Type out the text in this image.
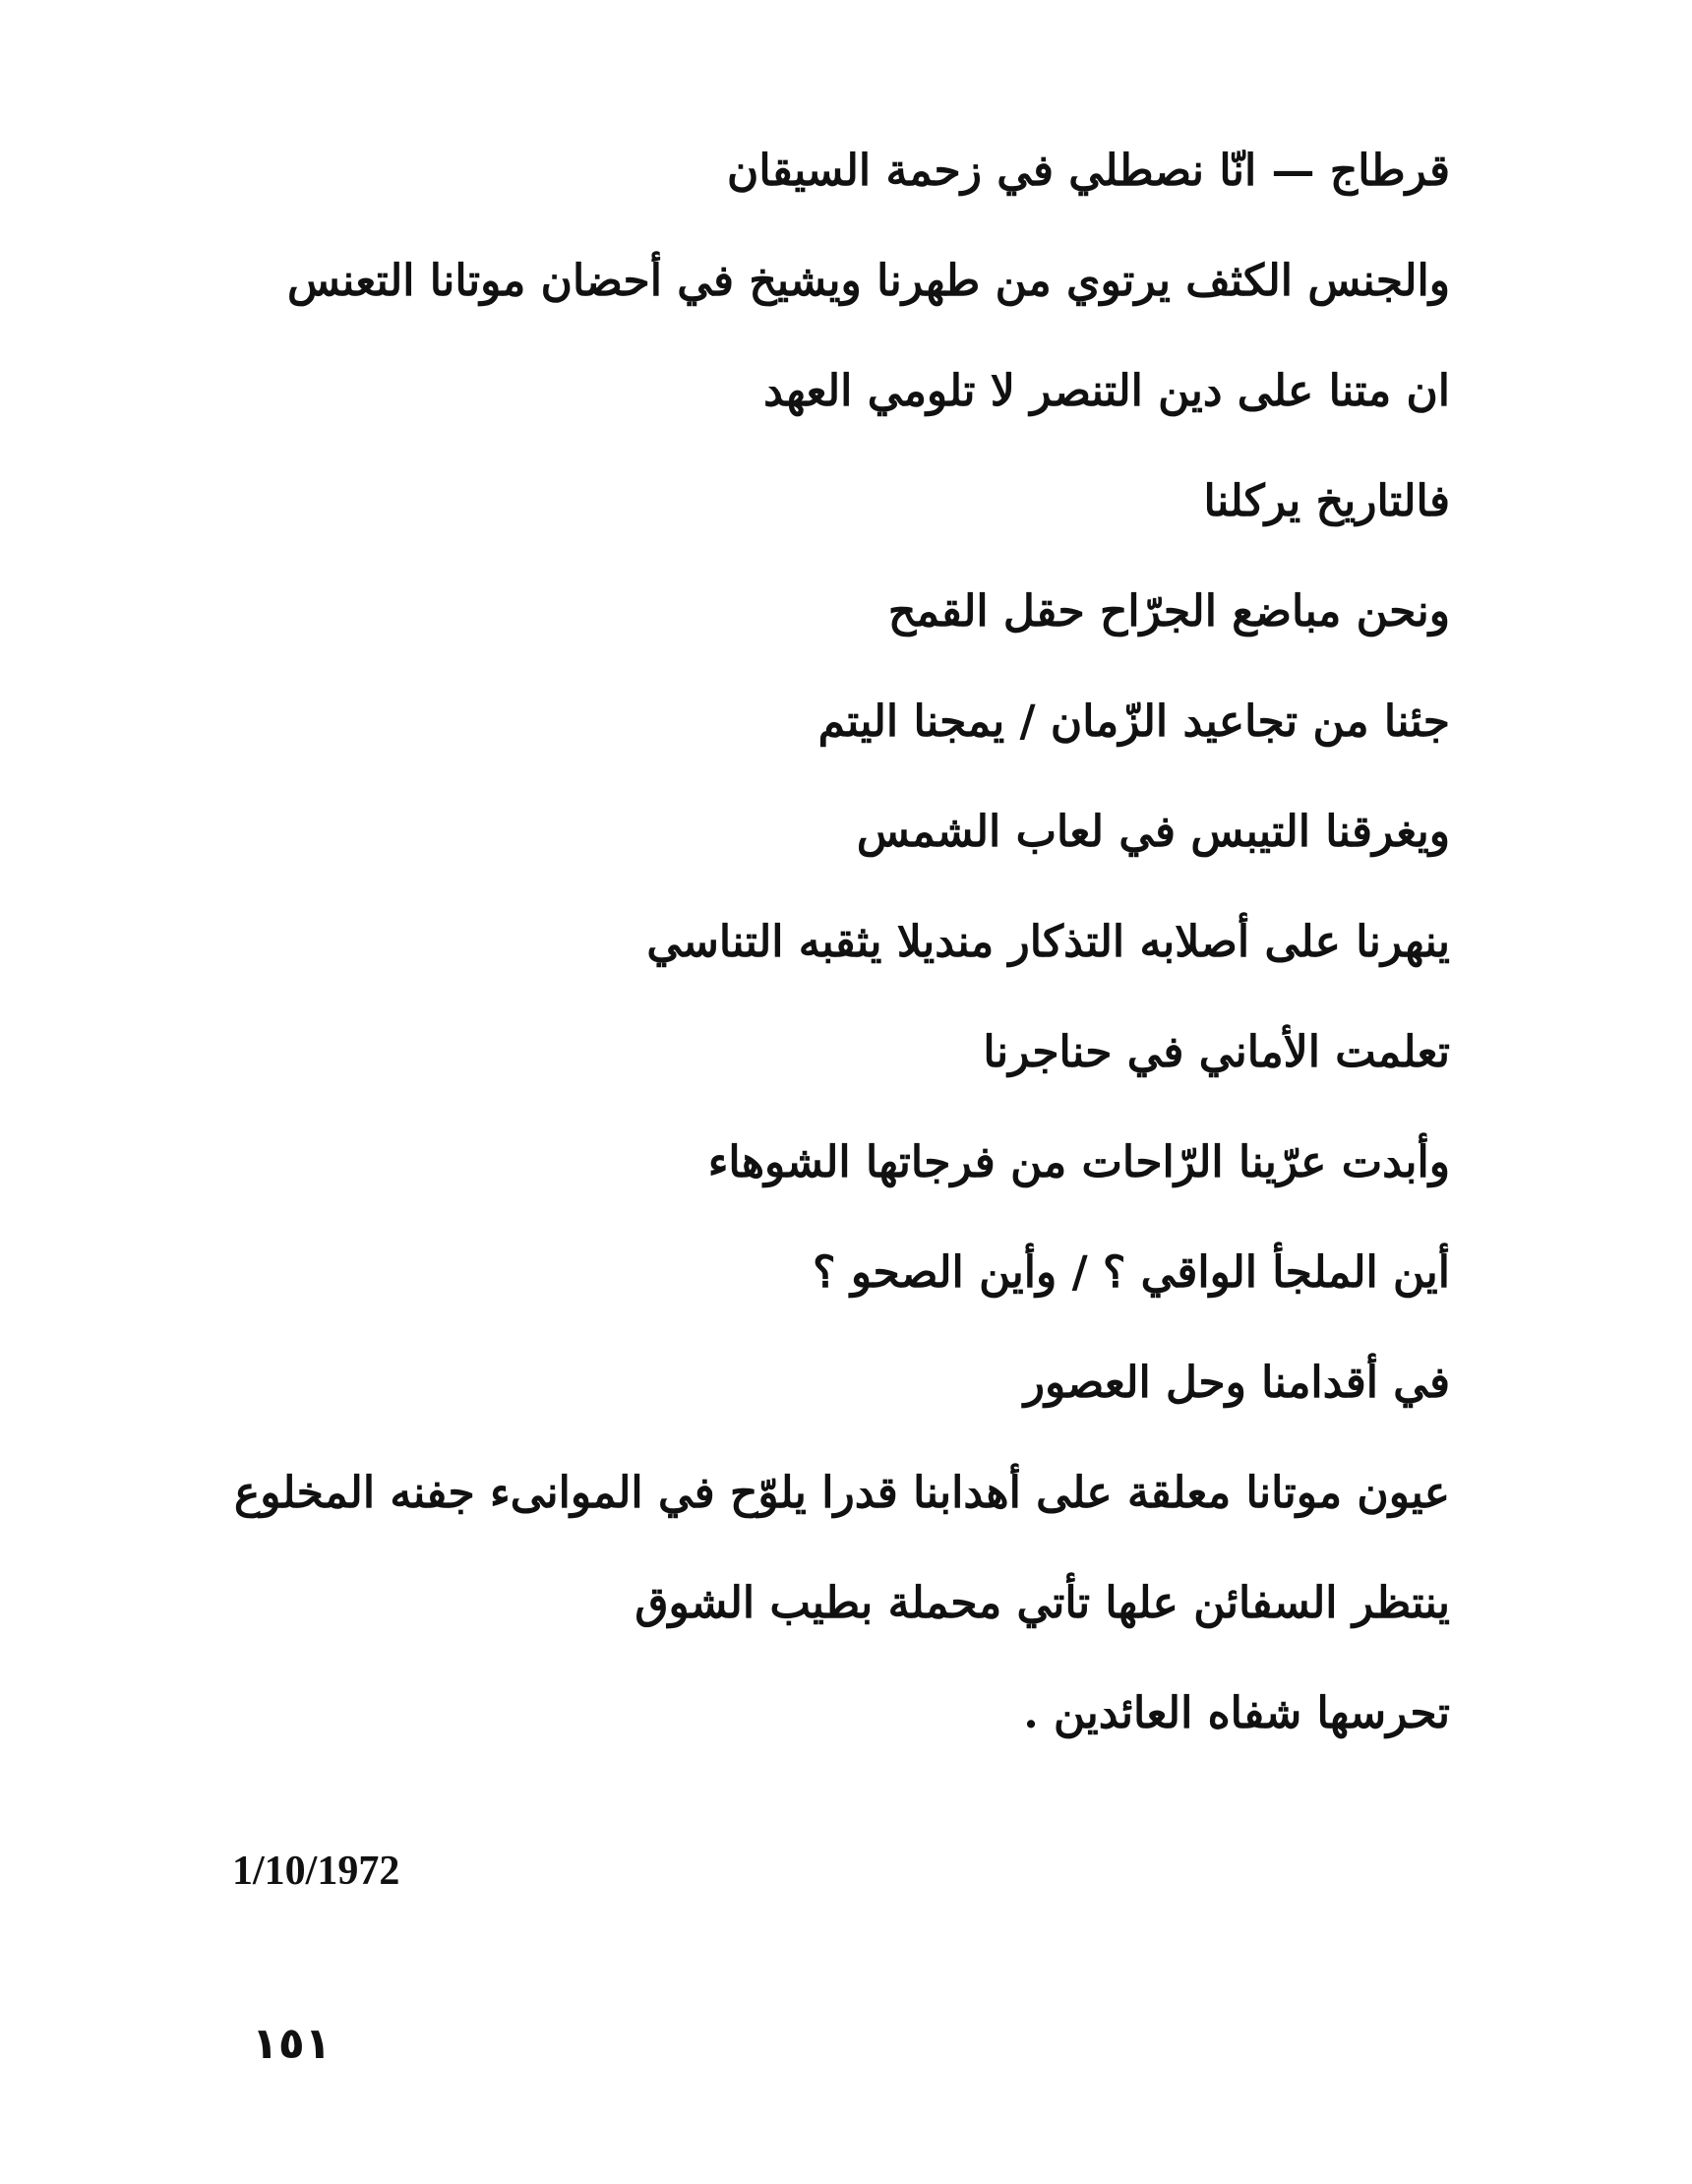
قرطاج — انّا نصطلي في زحمة السيقان
والجنس الكثف يرتوي من طهرنا ويشيخ في أحضان موتانا التعنس
ان متنا على دين التنصر لا تلومي العهد
فالتاريخ يركلنا
ونحن مباضع الجرّاح حقل القمح
جئنا من تجاعيد الزّمان / يمجنا اليتم
ويغرقنا التيبس في لعاب الشمس
ينهرنا على أصلابه التذكار منديلا يثقبه التناسي
تعلمت الأماني في حناجرنا
وأبدت عرّينا الرّاحات من فرجاتها الشوهاء
أين الملجأ الواقي ؟ / وأين الصحو ؟
في أقدامنا وحل العصور
عيون موتانا معلقة على أهدابنا قدرا يلوّح في الموانىء جفنه المخلوع
ينتظر السفائن علها تأتي محملة بطيب الشوق
تحرسها شفاه العائدين .
1/10/1972
١٥١
